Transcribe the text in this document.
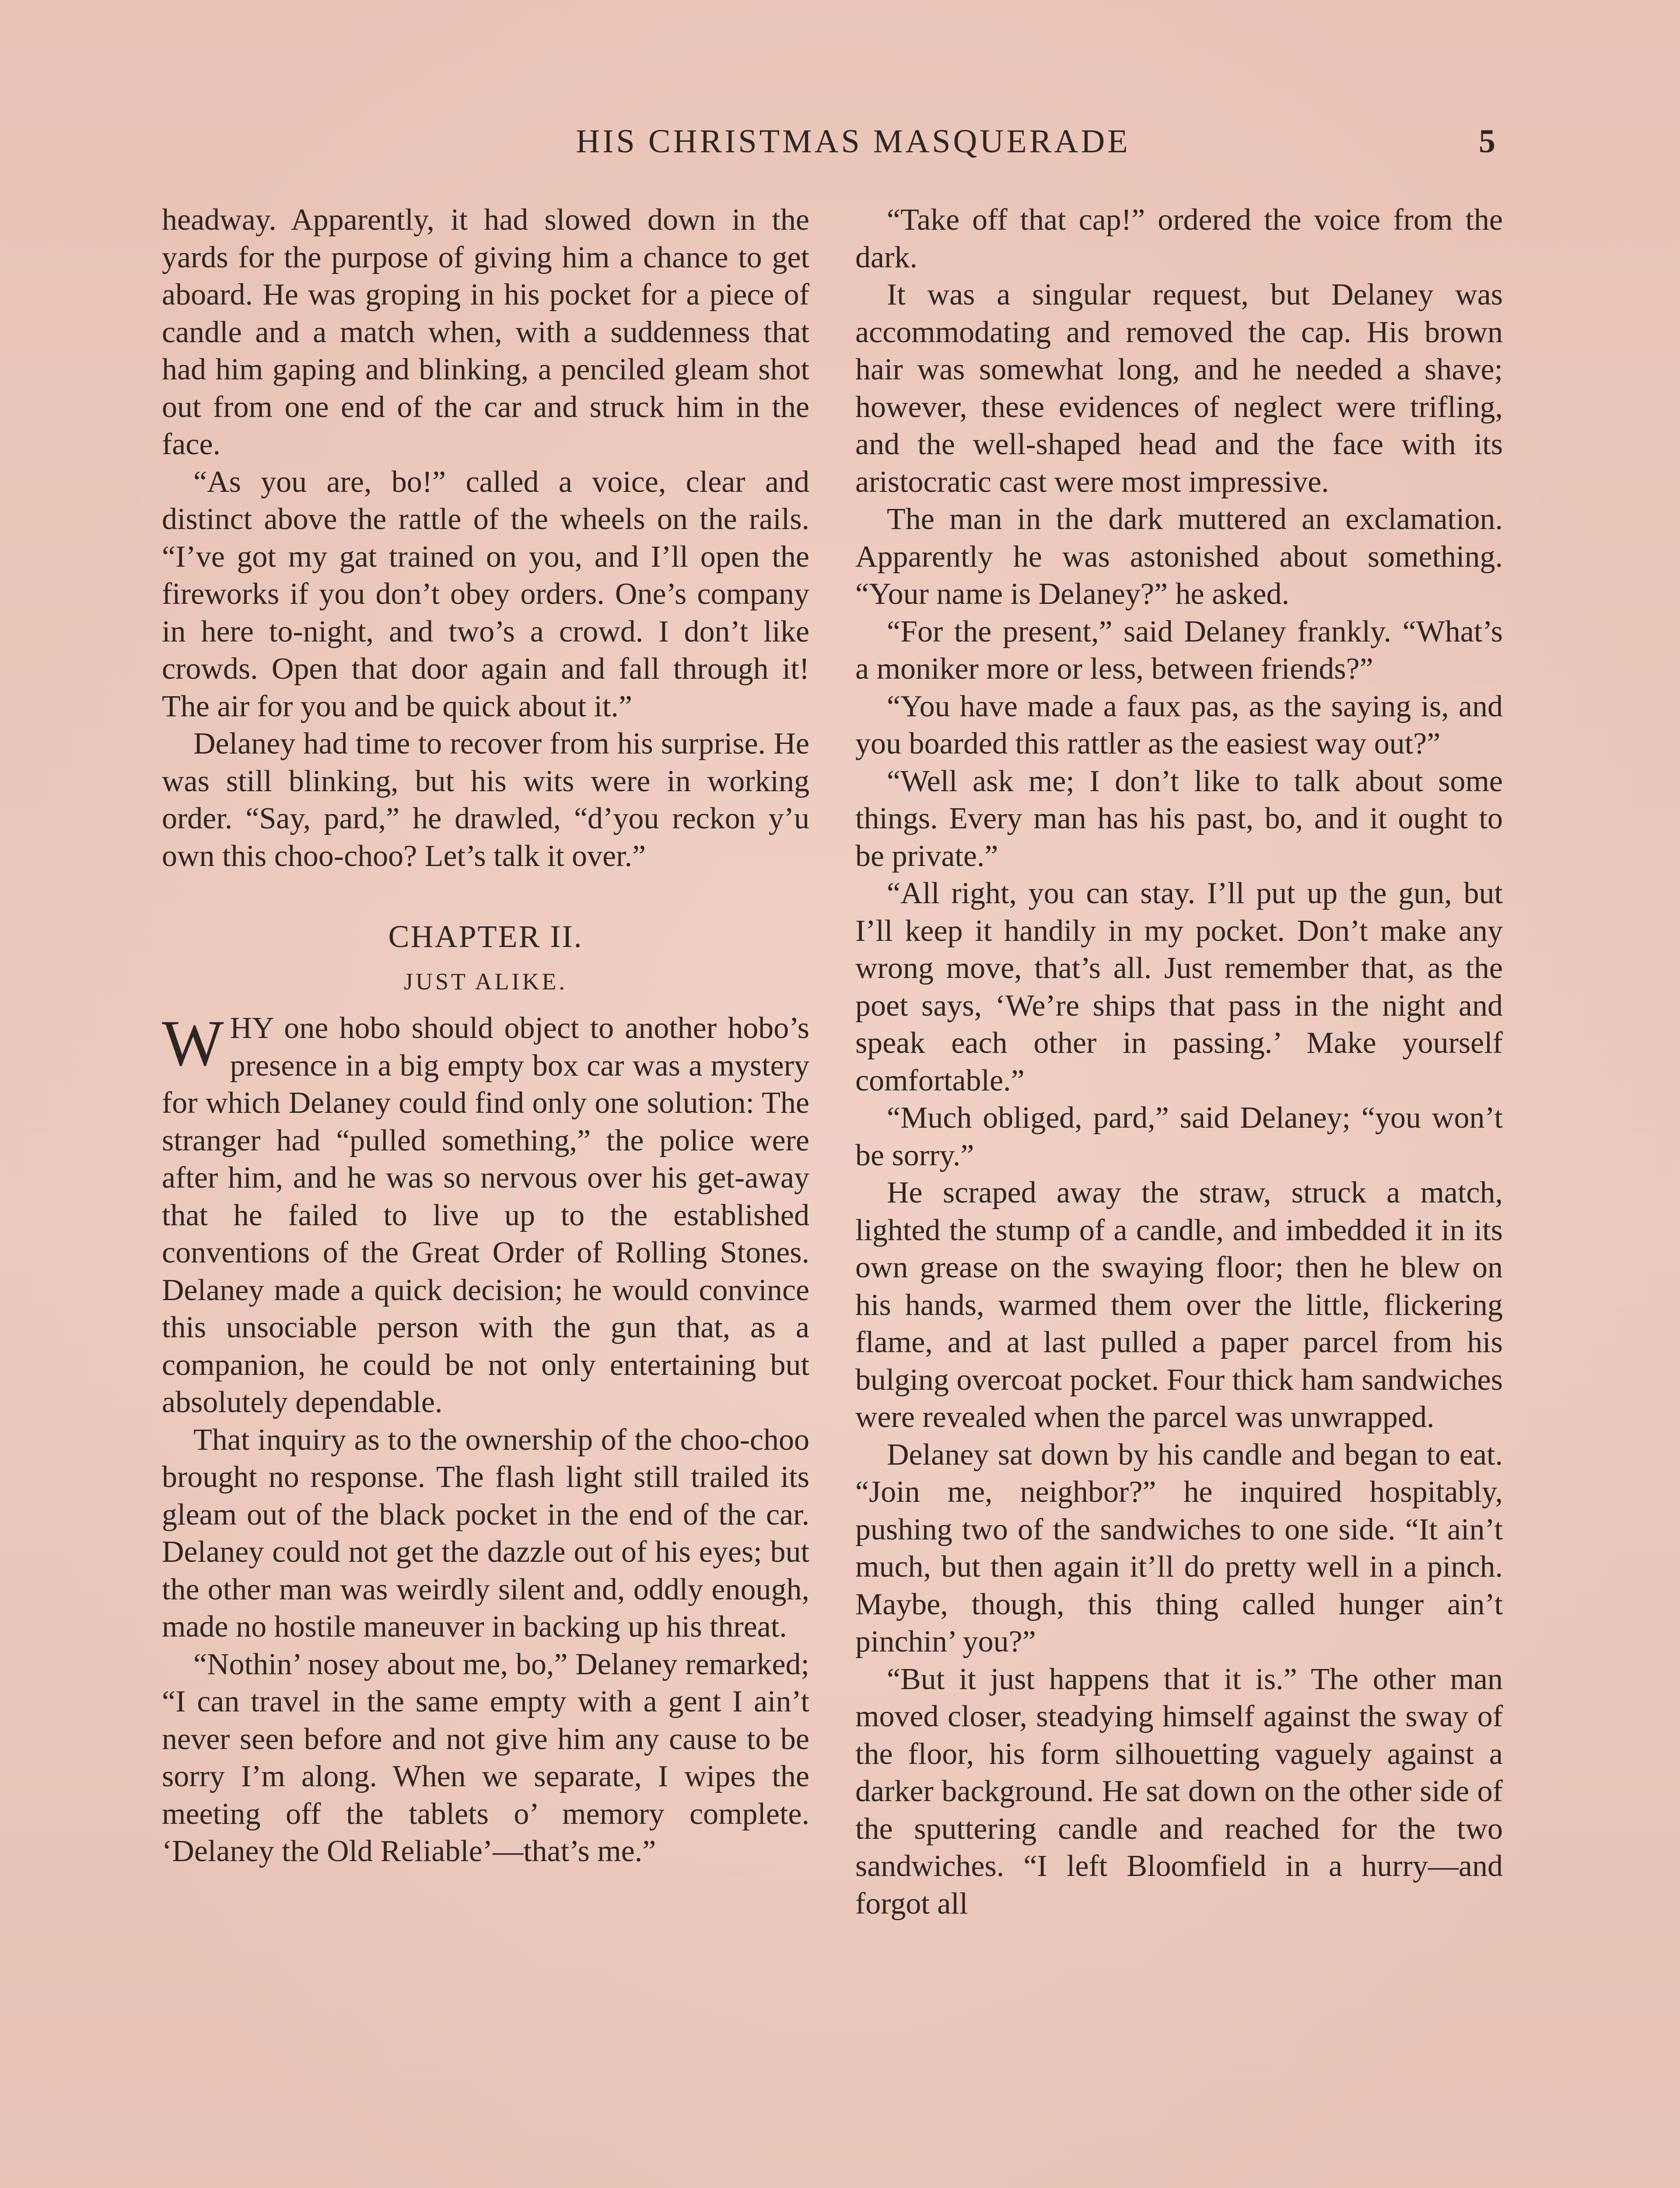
HIS CHRISTMAS MASQUERADE	5

headway. Apparently, it had slowed down in the yards for the purpose of giving him a chance to get aboard. He was groping in his pocket for a piece of candle and a match when, with a suddenness that had him gaping and blinking, a penciled gleam shot out from one end of the car and struck him in the face.

“As you are, bo!” called a voice, clear and distinct above the rattle of the wheels on the rails. “I’ve got my gat trained on you, and I’ll open the fireworks if you don’t obey orders. One’s company in here to-night, and two’s a crowd. I don’t like crowds. Open that door again and fall through it! The air for you and be quick about it.”

Delaney had time to recover from his surprise. He was still blinking, but his wits were in working order. “Say, pard,” he drawled, “d’you reckon y’u own this choo-choo? Let’s talk it over.”

CHAPTER II.
JUST ALIKE.

WHY one hobo should object to another hobo’s presence in a big empty box car was a mystery for which Delaney could find only one solution: The stranger had “pulled something,” the police were after him, and he was so nervous over his get-away that he failed to live up to the established conventions of the Great Order of Rolling Stones. Delaney made a quick decision; he would convince this unsociable person with the gun that, as a companion, he could be not only entertaining but absolutely dependable.

That inquiry as to the ownership of the choo-choo brought no response. The flash light still trailed its gleam out of the black pocket in the end of the car. Delaney could not get the dazzle out of his eyes; but the other man was weirdly silent and, oddly enough, made no hostile maneuver in backing up his threat.

“Nothin’ nosey about me, bo,” Delaney remarked; “I can travel in the same empty with a gent I ain’t never seen before and not give him any cause to be sorry I’m along. When we separate, I wipes the meeting off the tablets o’ memory complete. ‘Delaney the Old Reliable’—that’s me.”

“Take off that cap!” ordered the voice from the dark.

It was a singular request, but Delaney was accommodating and removed the cap. His brown hair was somewhat long, and he needed a shave; however, these evidences of neglect were trifling, and the well-shaped head and the face with its aristocratic cast were most impressive.

The man in the dark muttered an exclamation. Apparently he was astonished about something. “Your name is Delaney?” he asked.

“For the present,” said Delaney frankly. “What’s a moniker more or less, between friends?”

“You have made a faux pas, as the saying is, and you boarded this rattler as the easiest way out?”

“Well ask me; I don’t like to talk about some things. Every man has his past, bo, and it ought to be private.”

“All right, you can stay. I’ll put up the gun, but I’ll keep it handily in my pocket. Don’t make any wrong move, that’s all. Just remember that, as the poet says, ‘We’re ships that pass in the night and speak each other in passing.’ Make yourself comfortable.”

“Much obliged, pard,” said Delaney; “you won’t be sorry.”

He scraped away the straw, struck a match, lighted the stump of a candle, and imbedded it in its own grease on the swaying floor; then he blew on his hands, warmed them over the little, flickering flame, and at last pulled a paper parcel from his bulging overcoat pocket. Four thick ham sandwiches were revealed when the parcel was unwrapped.

Delaney sat down by his candle and began to eat. “Join me, neighbor?” he inquired hospitably, pushing two of the sandwiches to one side. “It ain’t much, but then again it’ll do pretty well in a pinch. Maybe, though, this thing called hunger ain’t pinchin’ you?”

“But it just happens that it is.” The other man moved closer, steadying himself against the sway of the floor, his form silhouetting vaguely against a darker background. He sat down on the other side of the sputtering candle and reached for the two sandwiches. “I left Bloomfield in a hurry—and forgot all
